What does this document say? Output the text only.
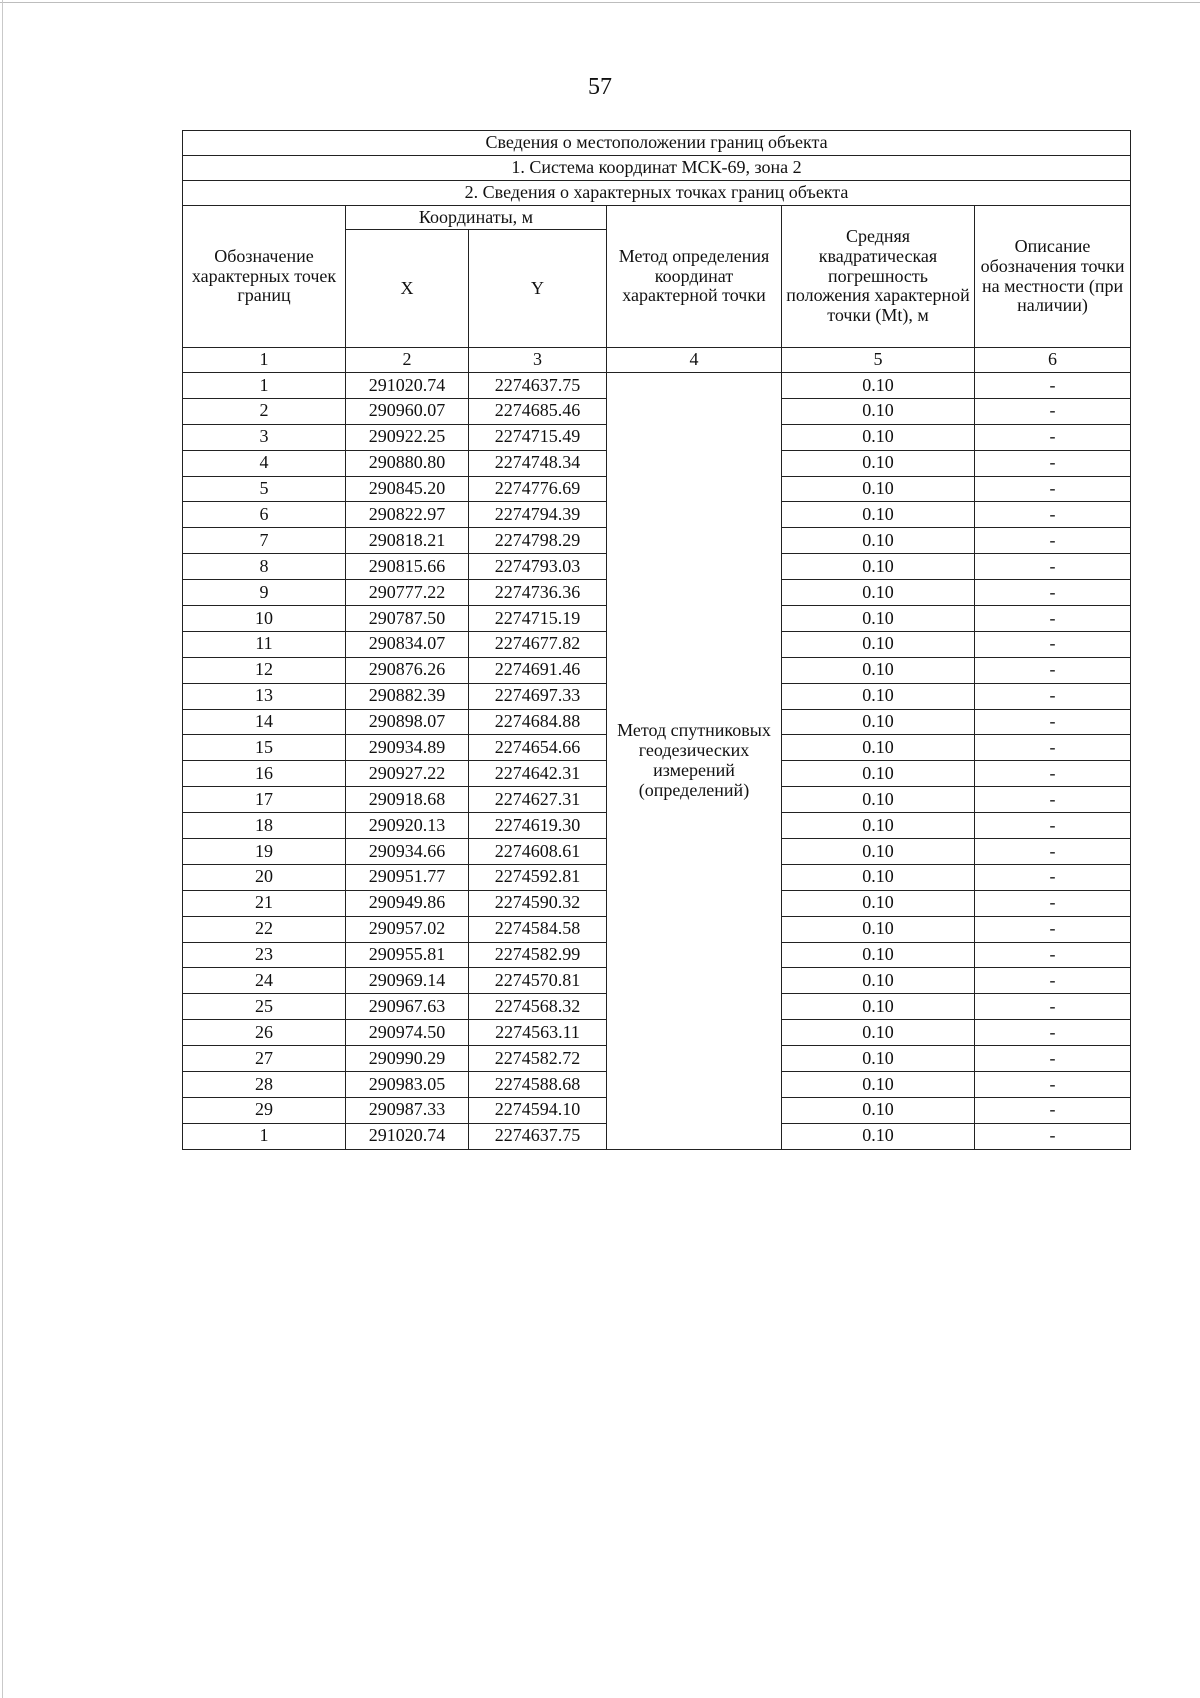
57
Сведения о местоположении границ объекта					
1. Система координат МСК-69, зона 2					
2. Сведения о характерных точках границ объекта					
Обозначение характерных точек границ	Координаты, м		Метод определения координат характерной точки	Средняя квадратическая погрешность положения характерной точки (Mt), м	Описание обозначения точки на местности (при наличии)
	X	Y			
1	2	3	4	5	6
1	291020.74	2274637.75	Метод спутниковых геодезических измерений (определений)	0.10	-
2	290960.07	2274685.46		0.10	-
3	290922.25	2274715.49		0.10	-
4	290880.80	2274748.34		0.10	-
5	290845.20	2274776.69		0.10	-
6	290822.97	2274794.39		0.10	-
7	290818.21	2274798.29		0.10	-
8	290815.66	2274793.03		0.10	-
9	290777.22	2274736.36		0.10	-
10	290787.50	2274715.19		0.10	-
11	290834.07	2274677.82		0.10	-
12	290876.26	2274691.46		0.10	-
13	290882.39	2274697.33		0.10	-
14	290898.07	2274684.88		0.10	-
15	290934.89	2274654.66		0.10	-
16	290927.22	2274642.31		0.10	-
17	290918.68	2274627.31		0.10	-
18	290920.13	2274619.30		0.10	-
19	290934.66	2274608.61		0.10	-
20	290951.77	2274592.81		0.10	-
21	290949.86	2274590.32		0.10	-
22	290957.02	2274584.58		0.10	-
23	290955.81	2274582.99		0.10	-
24	290969.14	2274570.81		0.10	-
25	290967.63	2274568.32		0.10	-
26	290974.50	2274563.11		0.10	-
27	290990.29	2274582.72		0.10	-
28	290983.05	2274588.68		0.10	-
29	290987.33	2274594.10		0.10	-
1	291020.74	2274637.75		0.10	-
